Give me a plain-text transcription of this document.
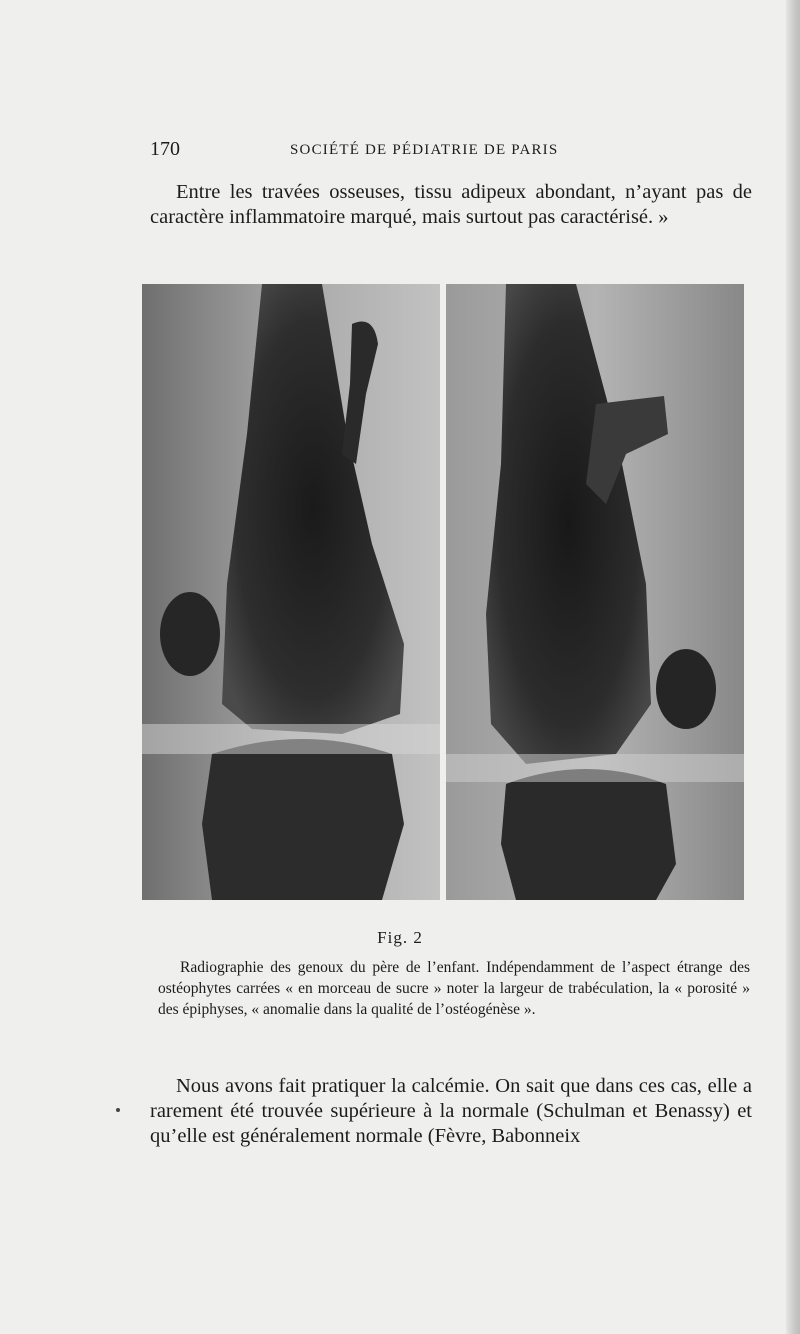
170	SOCIÉTÉ DE PÉDIATRIE DE PARIS

Entre les travées osseuses, tissu adipeux abondant, n’ayant pas de caractère inflammatoire marqué, mais surtout pas caractérisé. »

Fig. 2

Radiographie des genoux du père de l’enfant. Indépendamment de l’aspect étrange des ostéophytes carrées « en morceau de sucre » noter la largeur de trabéculation, la « porosité » des épiphyses, « anomalie dans la qualité de l’ostéogénèse ».

Nous avons fait pratiquer la calcémie. On sait que dans ces cas, elle a rarement été trouvée supérieure à la normale (Schulman et Benassy) et qu’elle est généralement normale (Fèvre, Babonneix
